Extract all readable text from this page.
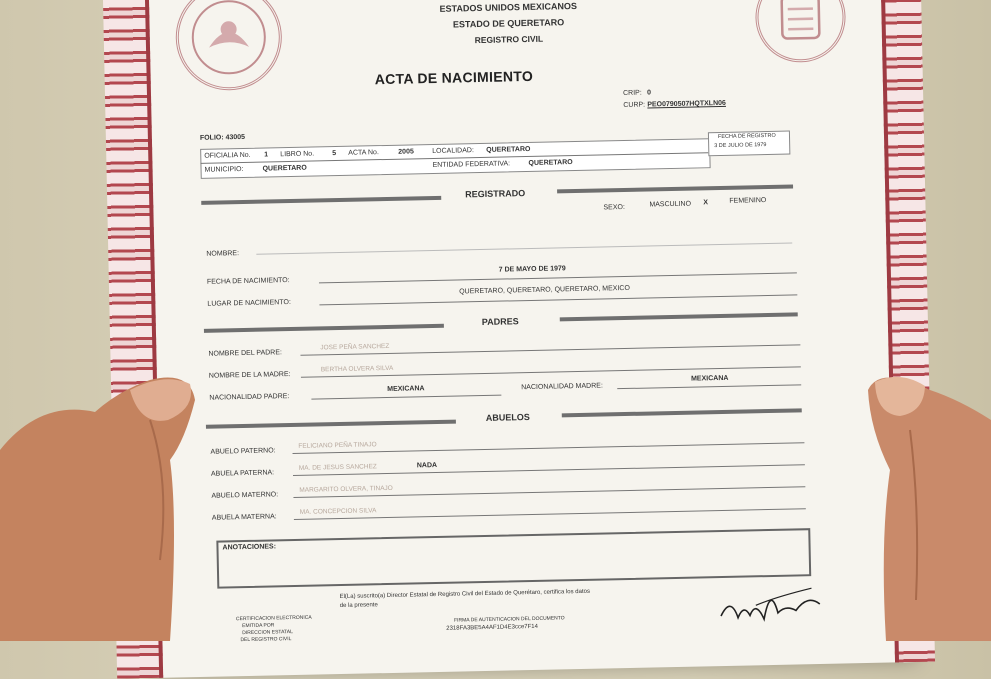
ESTADOS UNIDOS MEXICANOS
ESTADO DE QUERETARO
REGISTRO CIVIL
ACTA DE NACIMIENTO
CRIP: 0
CURP: PEO0790507HQTXLN06
FOLIO: 43005
OFICIALIA No. 1 LIBRO No.	5 ACTA No.	2005	LOCALIDAD: QUERETARO
MUNICIPIO:	QUERETARO	ENTIDAD FEDERATIVA:	QUERETARO
FECHA DE REGISTRO
3 DE JULIO DE 1979
REGISTRADO
SEXO:	MASCULINO X	FEMENINO
NOMBRE:
FECHA DE NACIMIENTO:
7 DE MAYO DE 1979
LUGAR DE NACIMIENTO:
QUERETARO, QUERETARO, QUERETARO, MEXICO
PADRES
NOMBRE DEL PADRE:
JOSE PEÑA SANCHEZ
NOMBRE DE LA MADRE:
BERTHA OLVERA SILVA
NACIONALIDAD PADRE:
MEXICANA	NACIONALIDAD MADRE:
MEXICANA
ABUELOS
ABUELO PATERNO:
FELICIANO PEÑA TINAJO
ABUELA PATERNA:
MA. DE JESUS SANCHEZ	NADA
ABUELO MATERNO:
MARGARITO OLVERA, TINAJO
ABUELA MATERNA:
MA. CONCEPCION SILVA
ANOTACIONES:
El(La) suscrito(a) Director Estatal de Registro Civil del Estado de Querétaro, certifica los datos
de la presente
CERTIFICACION ELECTRONICA
EMITIDA POR
DIRECCION ESTATAL
DEL REGISTRO CIVIL
FIRMA DE AUTENTICACION DEL DOCUMENTO
2318FA3BE5A4AF1D4E3cce7F14
